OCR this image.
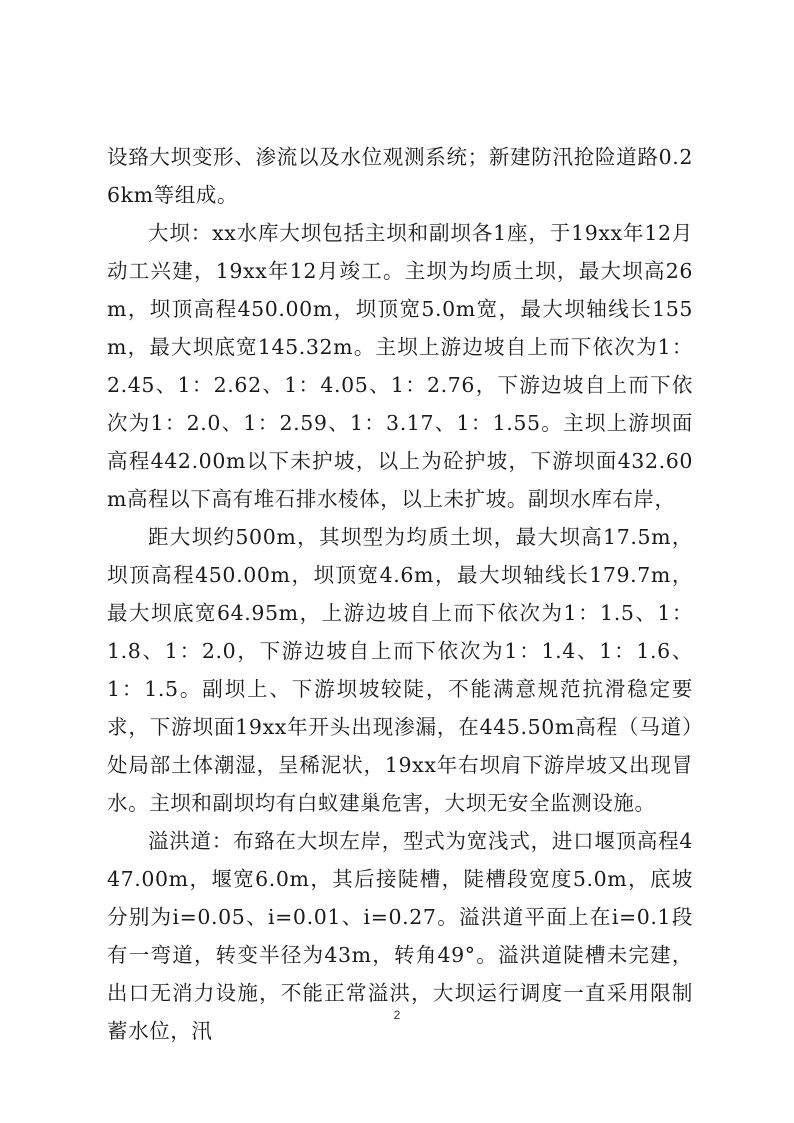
设臵大坝变形、渗流以及水位观测系统；新建防汛抢险道路0.26km等组成。

大坝：xx水库大坝包括主坝和副坝各1座，于19xx年12月动工兴建，19xx年12月竣工。主坝为均质土坝，最大坝高26m，坝顶高程450.00m，坝顶宽5.0m宽，最大坝轴线长155m，最大坝底宽145.32m。主坝上游边坡自上而下依次为1：2.45、1：2.62、1：4.05、1：2.76，下游边坡自上而下依次为1：2.0、1：2.59、1：3.17、1：1.55。主坝上游坝面高程442.00m以下未护坡，以上为砼护坡，下游坝面432.60m高程以下高有堆石排水棱体，以上未扩坡。副坝水库右岸，

距大坝约500m，其坝型为均质土坝，最大坝高17.5m，坝顶高程450.00m，坝顶宽4.6m，最大坝轴线长179.7m，最大坝底宽64.95m，上游边坡自上而下依次为1：1.5、1：1.8、1：2.0，下游边坡自上而下依次为1：1.4、1：1.6、1：1.5。副坝上、下游坝坡较陡，不能满意规范抗滑稳定要求，下游坝面19xx年开头出现渗漏，在445.50m高程（马道）处局部土体潮湿，呈稀泥状，19xx年右坝肩下游岸坡又出现冒水。主坝和副坝均有白蚁建巢危害，大坝无安全监测设施。

溢洪道：布臵在大坝左岸，型式为宽浅式，进口堰顶高程447.00m，堰宽6.0m，其后接陡槽，陡槽段宽度5.0m，底坡分别为i=0.05、i=0.01、i=0.27。溢洪道平面上在i=0.1段有一弯道，转变半径为43m，转角49°。溢洪道陡槽未完建，出口无消力设施，不能正常溢洪，大坝运行调度一直采用限制蓄水位，汛

2
